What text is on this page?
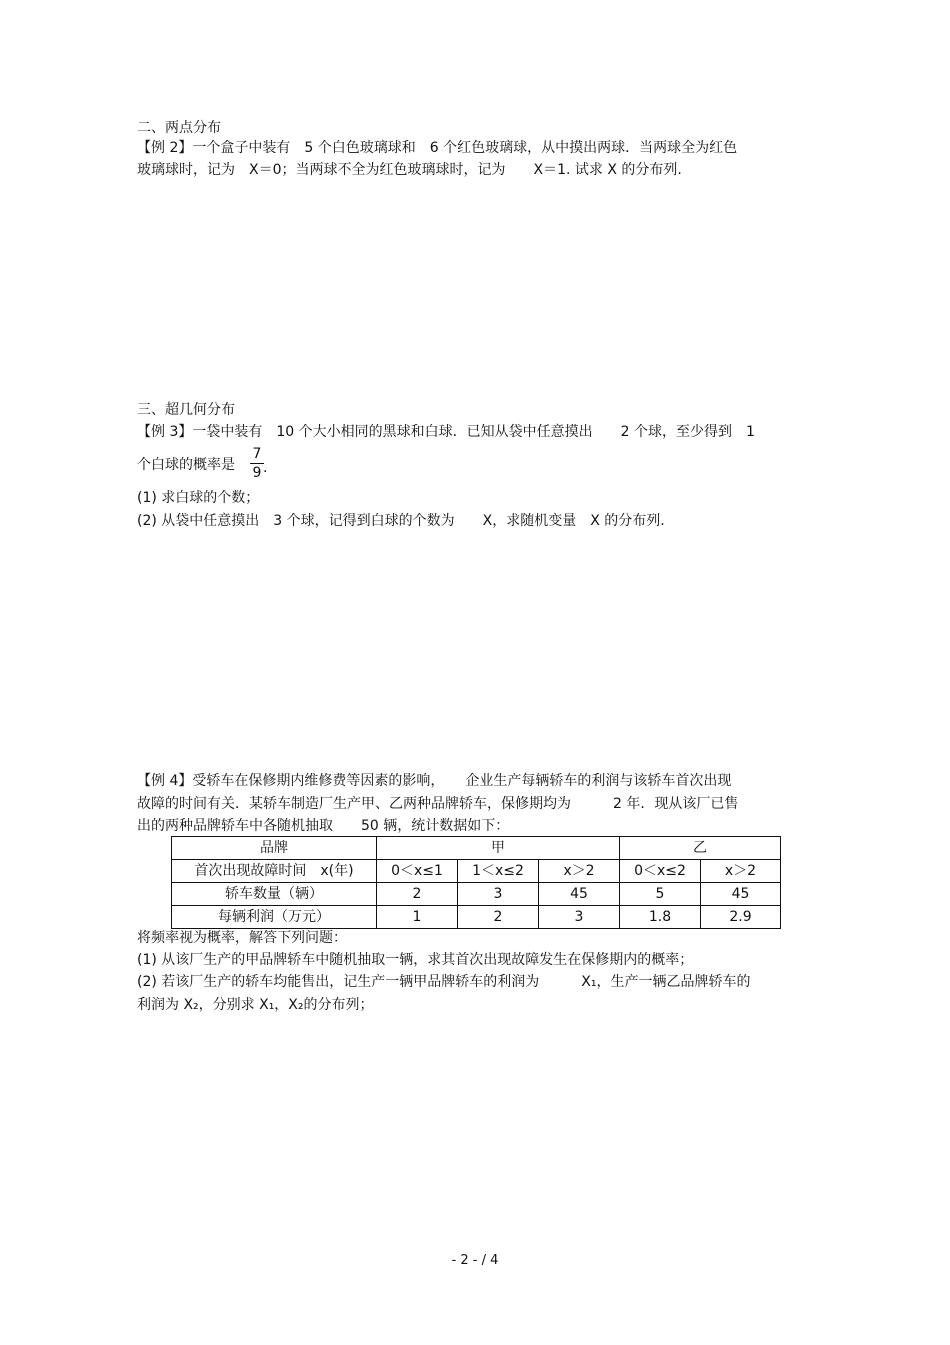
二、两点分布
【例 2】一个盒子中装有　5 个白色玻璃球和　6 个红色玻璃球，从中摸出两球．当两球全为红色
玻璃球时，记为　X＝0；当两球不全为红色玻璃球时，记为　　X＝1. 试求 X 的分布列.
三、超几何分布
【例 3】一袋中装有　10 个大小相同的黑球和白球．已知从袋中任意摸出　　2 个球，至少得到　1
个白球的概率是
7
9 .
(1) 求白球的个数；
(2) 从袋中任意摸出　3 个球，记得到白球的个数为　　X，求随机变量　X 的分布列.
【例 4】受轿车在保修期内维修费等因素的影响，　　企业生产每辆轿车的利润与该轿车首次出现
故障的时间有关．某轿车制造厂生产甲、乙两种品牌轿车，保修期均为　　　2 年．现从该厂已售
出的两种品牌轿车中各随机抽取　　50 辆，统计数据如下：
品牌	甲			乙	
首次出现故障时间　x(年)	0＜x≤1	1＜x≤2	x＞2	0＜x≤2	x＞2
轿车数量（辆）	2	3	45	5	45
每辆利润（万元）	1	2	3	1.8	2.9
将频率视为概率，解答下列问题：
(1) 从该厂生产的甲品牌轿车中随机抽取一辆，求其首次出现故障发生在保修期内的概率；
(2) 若该厂生产的轿车均能售出，记生产一辆甲品牌轿车的利润为　　　X₁，生产一辆乙品牌轿车的
利润为 X₂，分别求 X₁，X₂的分布列；
- 2 - / 4
